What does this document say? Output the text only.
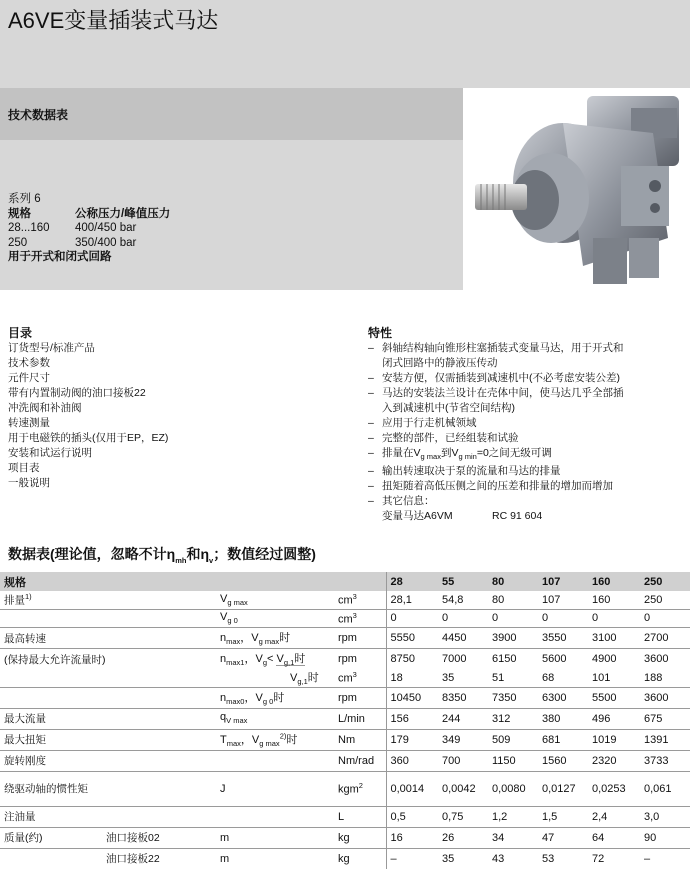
A6VE变量插装式马达
技术数据表
系列 6
规格	公称压力/峰值压力
28...160	400/450 bar
250	350/400 bar
用于开式和闭式回路
目录
订货型号/标准产品
技术参数
元件尺寸
带有内置制动阀的油口接板22
冲洗阀和补油阀
转速测量
用于电磁铁的插头(仅用于EP，EZ)
安装和试运行说明
项目表
一般说明
特性
– 斜轴结构轴向锥形柱塞插装式变量马达，用于开式和
闭式回路中的静液压传动
– 安装方便，仅需插装到减速机中(不必考虑安装公差)
– 马达的安装法兰设计在壳体中间，使马达几乎全部插
入到减速机中(节省空间结构)
– 应用于行走机械领域
– 完整的部件，已经组装和试验
– 排量在$V_{g max}$到$V_{g min}=0$之间无级可调
– 输出转速取决于泵的流量和马达的排量
– 扭矩随着高低压侧之间的压差和排量的增加而增加
– 其它信息：
变量马达A6VM	RC 91 604
数据表(理论值，忽略不计$\eta_{mh}$和$\eta_v$；数值经过圆整)
规格				28	55	80	107	160	250
排量$^{1)}$		$V_g$ $_{max}$	$cm^3$	28,1	54,8	80	107	160	250
		$V_{g 0}$	$cm^3$	0	0	0	0	0	0
最高转速		$n_{max}$，$V_g$ $_{max}$时	rpm	5550	4450	3900	3550	3100	2700
(保持最大允许流量时)		$n_{max1}$，$V_g< V_{g,1}$时	rpm	8750	7000	6150	5600	4900	3600
		$V_{g,1}$时	$cm^3$	18	35	51	68	101	188
		$n_{max0}$，$V_{g 0}$时	rpm	10450	8350	7350	6300	5500	3600
最大流量		$q_{V max}$	L/min	156	244	312	380	496	675
最大扭矩		$T_{max}$，$V_g$ $_{max}^{2)}$时	Nm	179	349	509	681	1019	1391
旋转刚度			Nm/rad	360	700	1150	1560	2320	3733
绕驱动轴的惯性矩		J	kgm$^2$	0,0014	0,0042	0,0080	0,0127	0,0253	0,061
注油量			L	0,5	0,75	1,2	1,5	2,4	3,0
质量(约)	油口接板02	m	kg	16	26	34	47	64	90
	油口接板22	m	kg	–	35	43	53	72	–
